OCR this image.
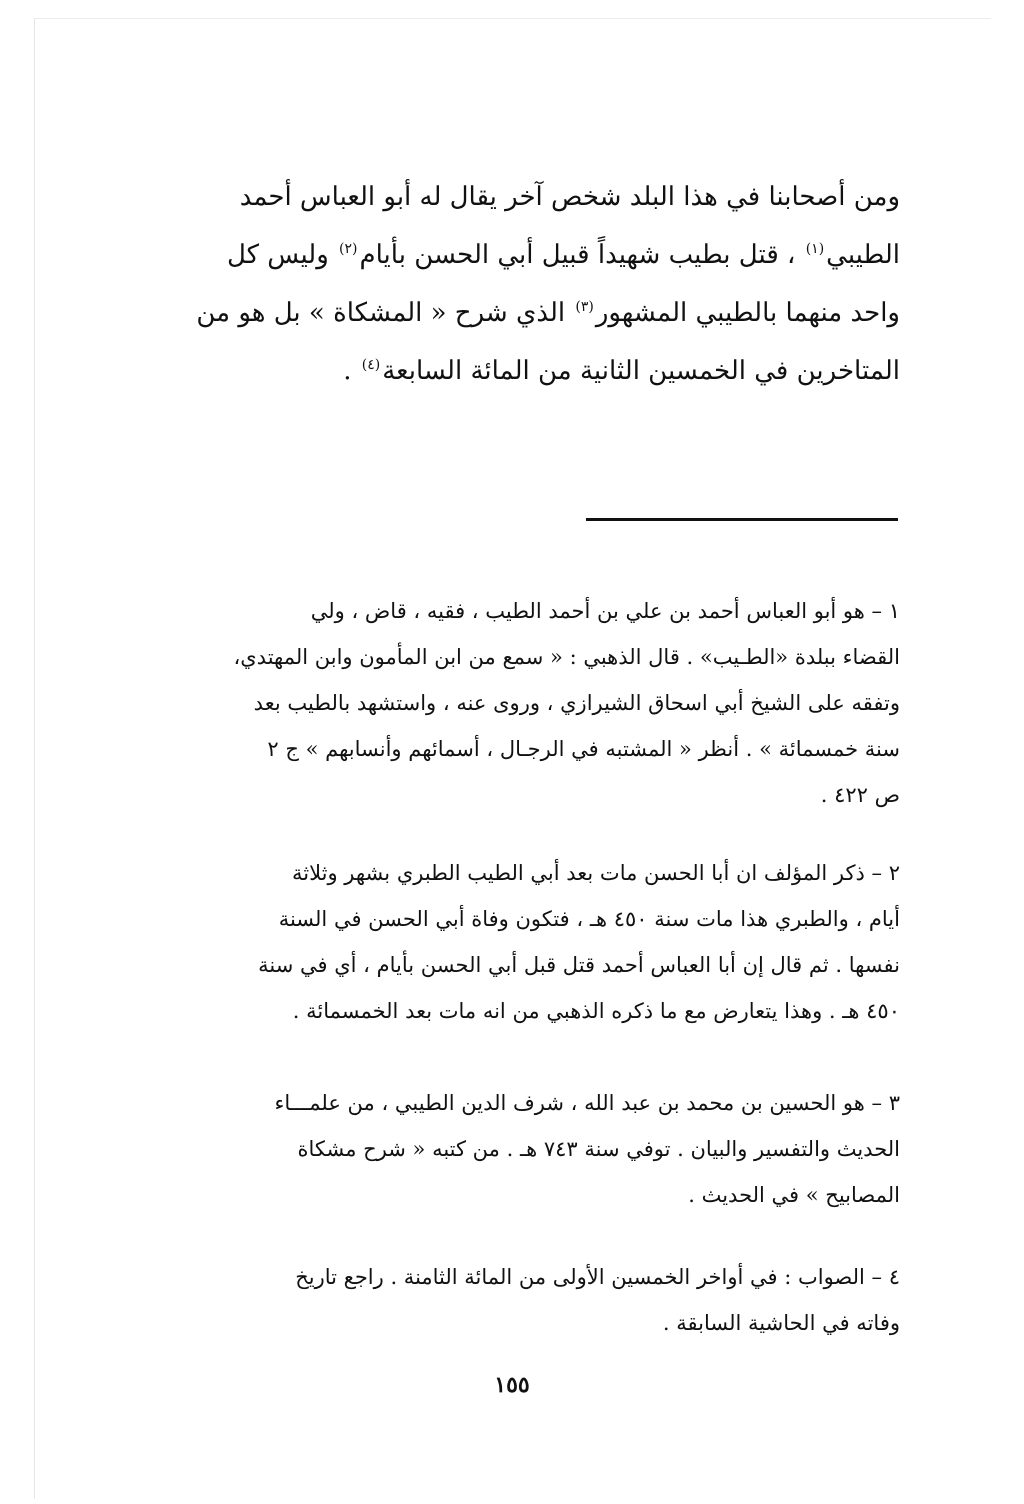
ومن أصحابنا في هذا البلد شخص آخر يقال له أبو العباس أحمد
الطيبي$^{(١)}$ ، قتل بطيب شهيداً قبيل أبي الحسن بأيام$^{(٢)}$ وليس كل
واحد منهما بالطيبي المشهور$^{(٣)}$ الذي شرح « المشكاة » بل هو من
المتاخرين في الخمسين الثانية من المائة السابعة$^{(٤)}$ .
١ – هو أبو العباس أحمد بن علي بن أحمد الطيب ، فقيه ، قاض ، ولي
القضاء ببلدة «الطـيب» . قال الذهبي : « سمع من ابن المأمون وابن المهتدي،
وتفقه على الشيخ أبي اسحاق الشيرازي ، وروى عنه ، واستشهد بالطيب بعد
سنة خمسمائة » . أنظر « المشتبه في الرجـال ، أسمائهم وأنسابهم » ج ٢
ص ٤٢٢ .
٢ – ذكر المؤلف ان أبا الحسن مات بعد أبي الطيب الطبري بشهر وثلاثة
أيام ، والطبري هذا مات سنة ٤٥٠ هـ ، فتكون وفاة أبي الحسن في السنة
نفسها . ثم قال إن أبا العباس أحمد قتل قبل أبي الحسن بأيام ، أي في سنة
٤٥٠ هـ . وهذا يتعارض مع ما ذكره الذهبي من انه مات بعد الخمسمائة .
٣ – هو الحسين بن محمد بن عبد الله ، شرف الدين الطيبي ، من علمـــاء
الحديث والتفسير والبيان . توفي سنة ٧٤٣ هـ . من كتبه « شرح مشكاة
المصابيح » في الحديث .
٤ – الصواب : في أواخر الخمسين الأولى من المائة الثامنة . راجع تاريخ
وفاته في الحاشية السابقة .
١٥٥
